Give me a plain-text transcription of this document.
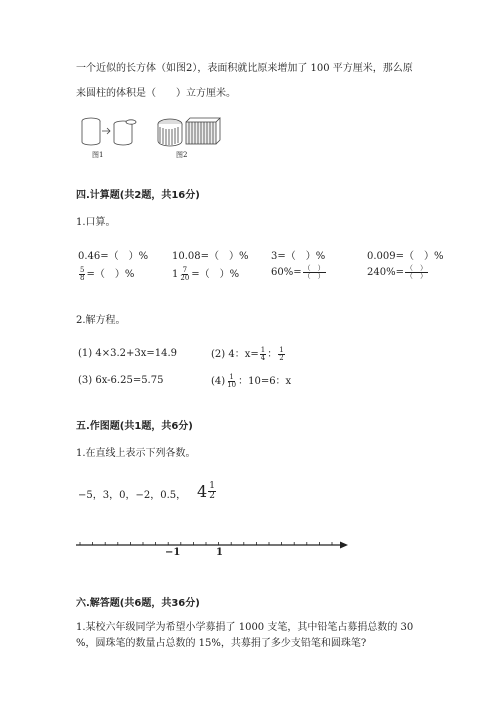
一个近似的长方体（如图2），表面积就比原来增加了 100 平方厘米，那么原
来圆柱的体积是（　　）立方厘米。
图1	图2
四.计算题(共2题，共16分)
1.口算。
0.46=（　）% 10.08=（　）% 3=（　）%	0.009=（　）%
$\frac{5}{8}$ =（　）%	$1 \frac{7}{20}$ =（　）%	$60\%= \frac{( )}{( )}$	$240\%= \frac{( )}{( )}$
2.解方程。
(1) 4×3.2+3x=14.9	(2) 4：$x= \frac{1}{4}$ ： $\frac{1}{2}$
(3) 6x-6.25=5.75	$(4) \frac{1}{10}$ ：10=6：x
五.作图题(共1题，共6分)
1.在直线上表示下列各数。
−5，3，0，−2，0.5， $4 \frac{1}{2}$
−1	1
六.解答题(共6题，共36分)
1.某校六年级同学为希望小学募捐了 1000 支笔，其中铅笔占募捐总数的 30
%，圆珠笔的数量占总数的 15%，共募捐了多少支铅笔和圆珠笔?
